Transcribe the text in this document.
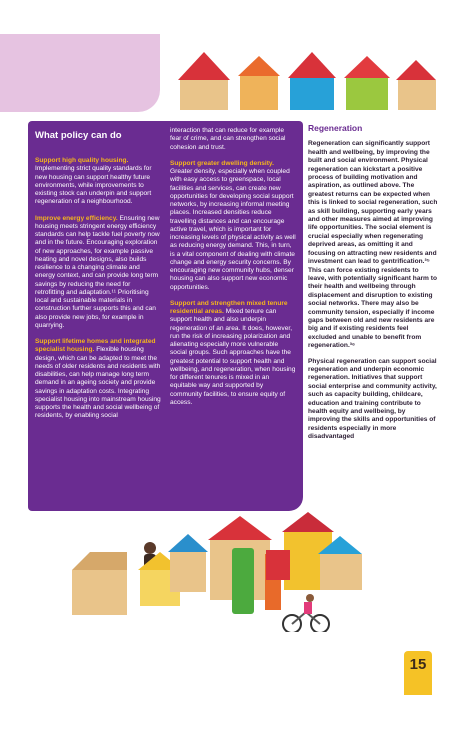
What policy can do

Support high quality housing. Implementing strict quality standards for new housing can support healthy future environments, while improvements to existing stock can underpin and support regeneration of a neighbourhood.

Improve energy efficiency. Ensuring new housing meets stringent energy efficiency standards can help tackle fuel poverty now and in the future. Encouraging exploration of new approaches, for example passive heating and novel designs, also builds resilience to a changing climate and energy context, and can provide long term savings by reducing the need for retrofitting and adaptation.¹¹ Prioritising local and sustainable materials in construction further supports this and can also provide new jobs, for example in quarrying.

Support lifetime homes and integrated specialist housing. Flexible housing design, which can be adapted to meet the needs of older residents and residents with disabilities, can help manage long term demand in an ageing society and provide savings in adaptation costs. Integrating specialist housing into mainstream housing supports the health and social wellbeing of residents, by enabling social

interaction that can reduce for example fear of crime, and can strengthen social cohesion and trust.

Support greater dwelling density. Greater density, especially when coupled with easy access to greenspace, local facilities and services, can create new opportunities for developing social support networks, by increasing informal meeting places. Increased densities reduce travelling distances and can encourage active travel, which is important for increasing levels of physical activity as well as reducing energy demand. This, in turn, is a vital component of dealing with climate change and energy security concerns. By encouraging new community hubs, denser housing can also support new economic opportunities.

Support and strengthen mixed tenure residential areas. Mixed tenure can support health and also underpin regeneration of an area. It does, however, run the risk of increasing polarization and alienating especially more vulnerable social groups. Such approaches have the greatest potential to support health and wellbeing, and regeneration, when housing for different tenures is mixed in an equitable way and supported by community facilities, to ensure equity of access.

Regeneration

Regeneration can significantly support health and wellbeing, by improving the built and social environment. Physical regeneration can kickstart a positive process of building motivation and aspiration, as outlined above. The greatest returns can be expected when this is linked to social regeneration, such as skill building, supporting early years and other measures aimed at improving life opportunities. The social element is crucial especially when regenerating deprived areas, as omitting it and focusing on attracting new residents and investment can lead to gentrification.³⁵ This can force existing residents to leave, with potentially significant harm to their health and wellbeing through displacement and disruption to existing social networks. There may also be community tension, especially if income gaps between old and new residents are big and if existing residents feel excluded and unable to benefit from regeneration.³⁶

Physical regeneration can support social regeneration and underpin economic regeneration. Initiatives that support social enterprise and community activity, such as capacity building, childcare, education and training contribute to health equity and wellbeing, by improving the skills and opportunities of residents especially in more disadvantaged

15
